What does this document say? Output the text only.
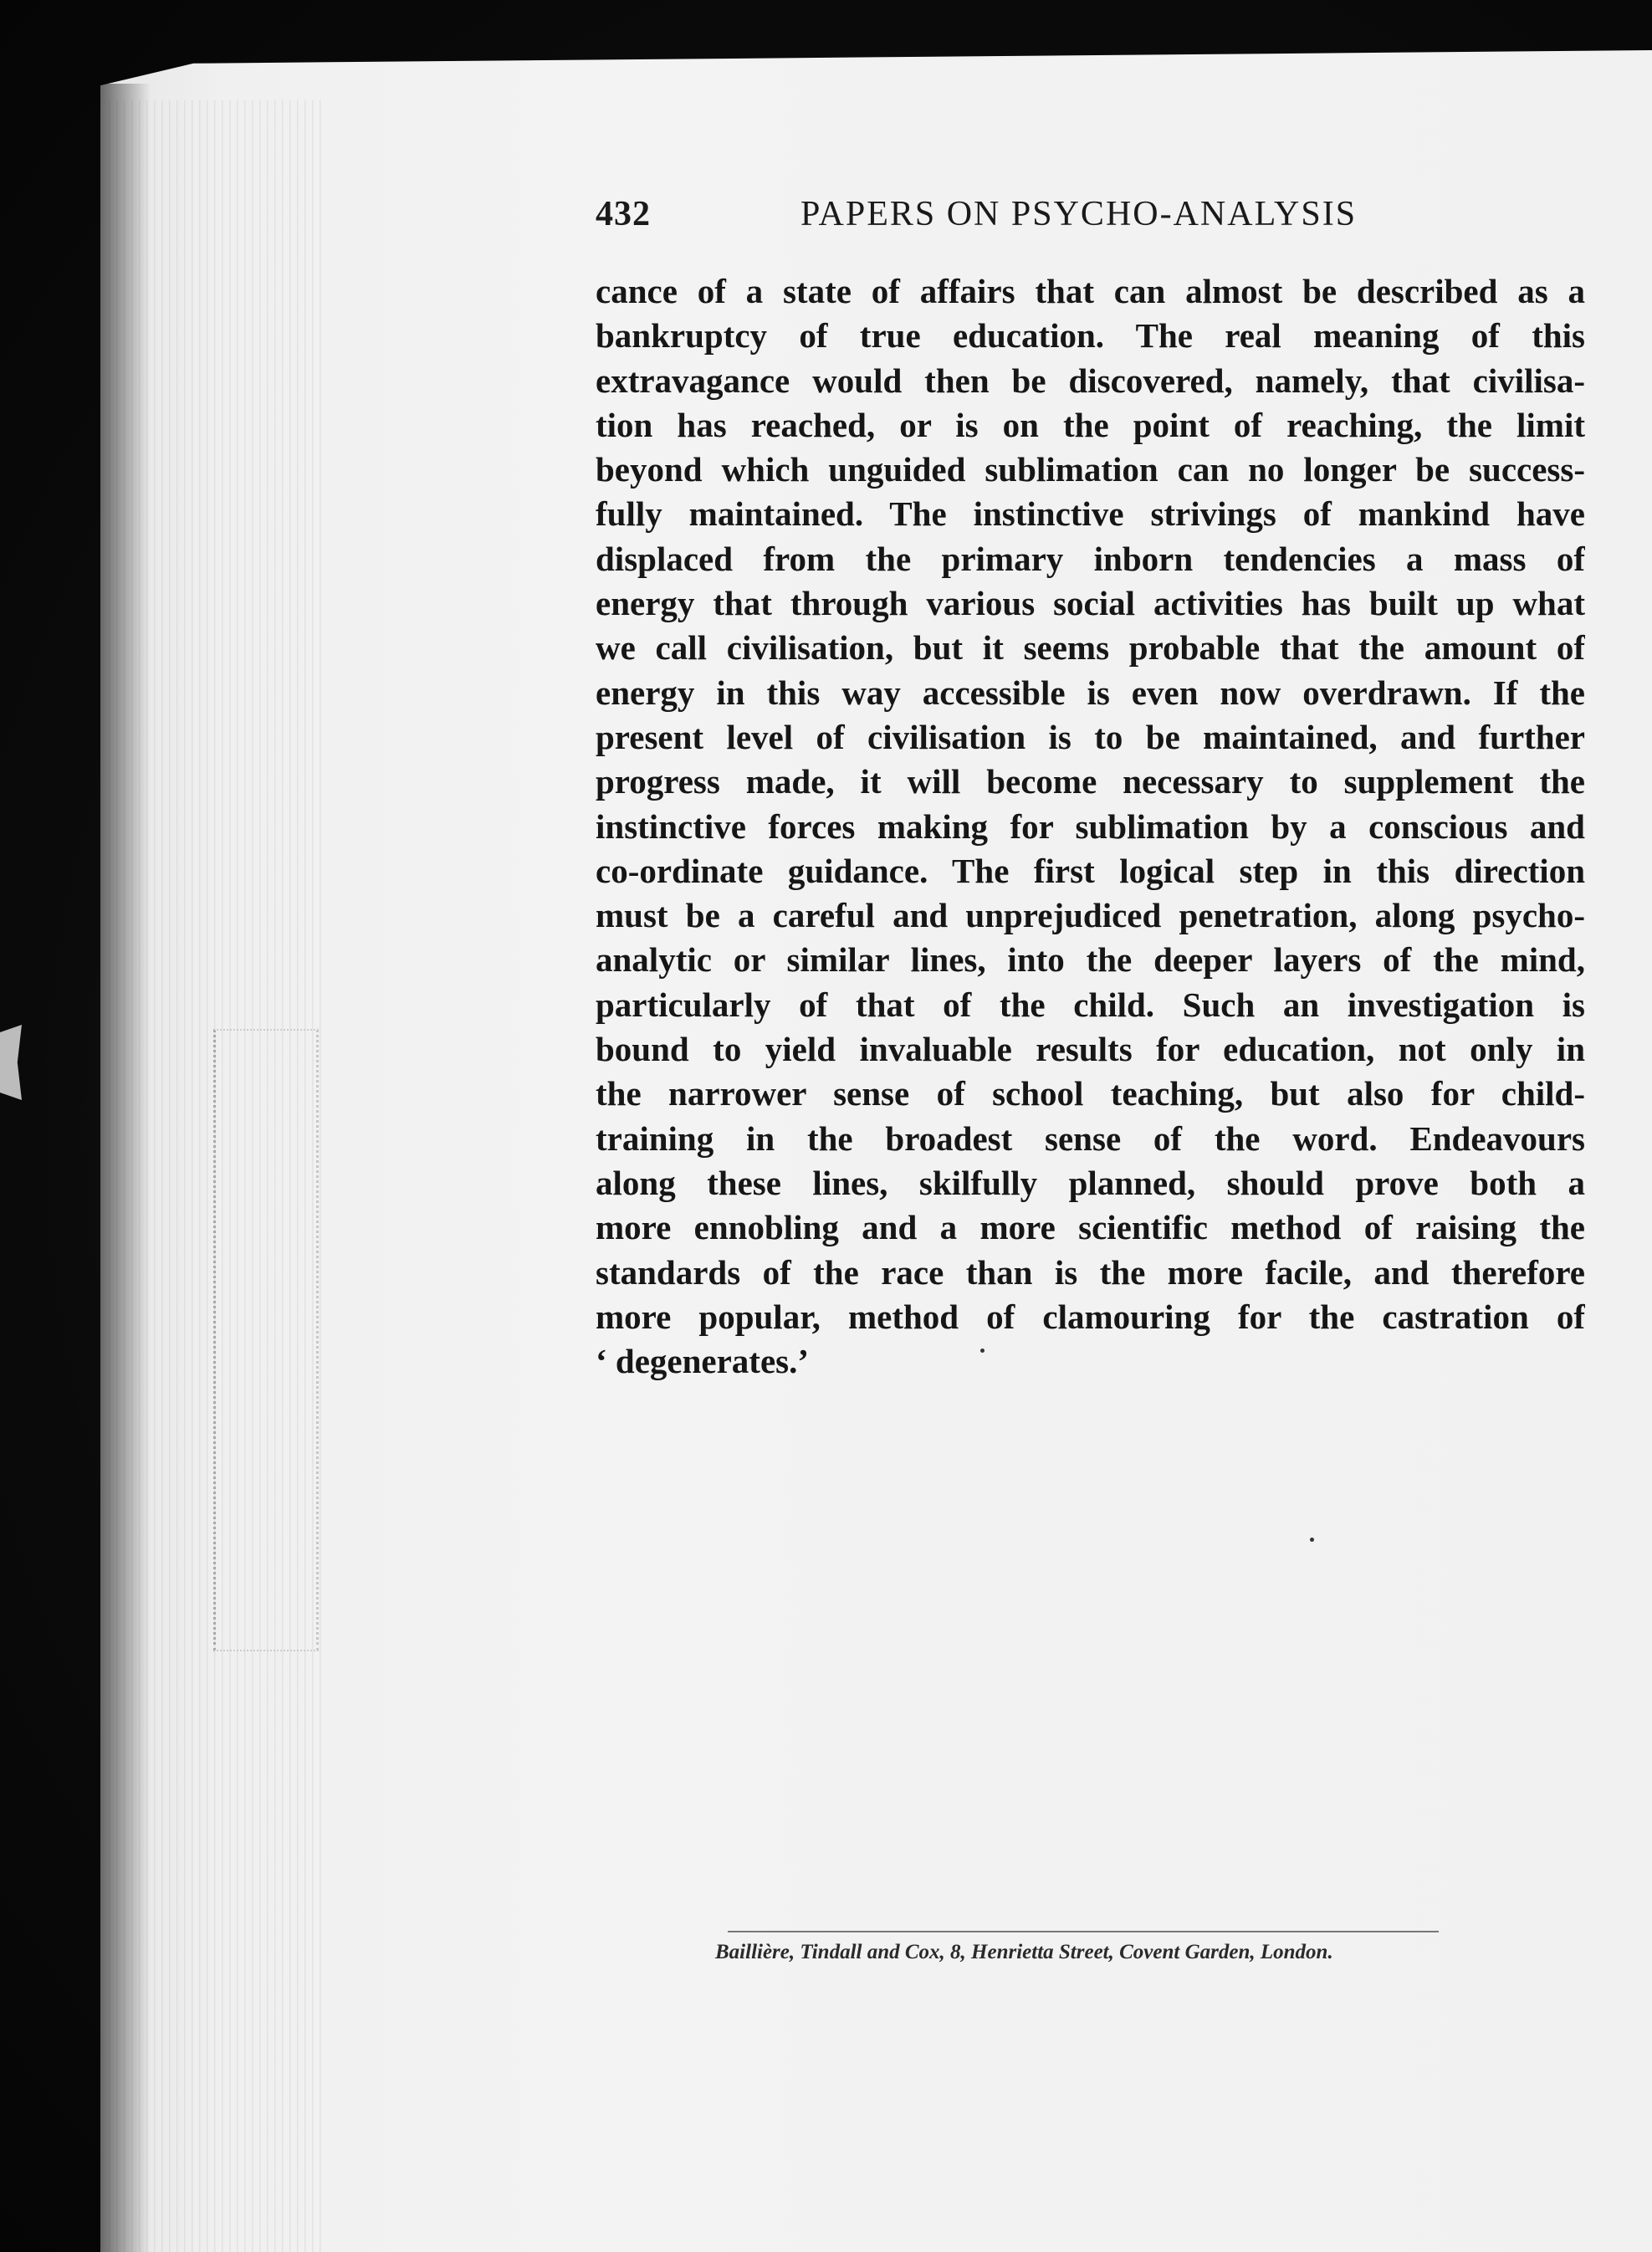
432	PAPERS ON PSYCHO-ANALYSIS
cance of a state of affairs that can almost be described as a
bankruptcy of true education. The real meaning of this
extravagance would then be discovered, namely, that civilisa-
tion has reached, or is on the point of reaching, the limit
beyond which unguided sublimation can no longer be success-
fully maintained. The instinctive strivings of mankind have
displaced from the primary inborn tendencies a mass of
energy that through various social activities has built up what
we call civilisation, but it seems probable that the amount of
energy in this way accessible is even now overdrawn. If the
present level of civilisation is to be maintained, and further
progress made, it will become necessary to supplement the
instinctive forces making for sublimation by a conscious and
co-ordinate guidance. The first logical step in this direction
must be a careful and unprejudiced penetration, along psycho-
analytic or similar lines, into the deeper layers of the mind,
particularly of that of the child. Such an investigation is
bound to yield invaluable results for education, not only in
the narrower sense of school teaching, but also for child-
training in the broadest sense of the word. Endeavours
along these lines, skilfully planned, should prove both a
more ennobling and a more scientific method of raising the
standards of the race than is the more facile, and therefore
more popular, method of clamouring for the castration of
‘ degenerates.’
Baillière, Tindall and Cox, 8, Henrietta Street, Covent Garden, London.
